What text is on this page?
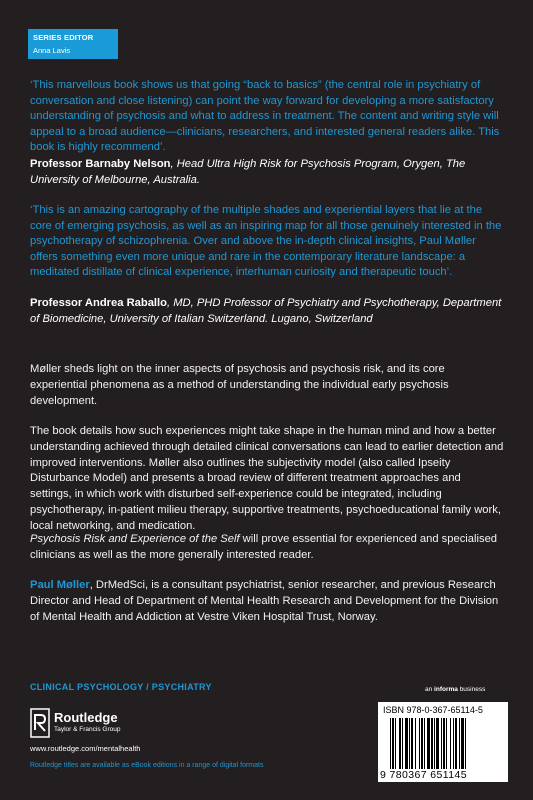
SERIES EDITOR
Anna Lavis
‘This marvellous book shows us that going “back to basics” (the central role in psychiatry of conversation and close listening) can point the way forward for developing a more satisfactory understanding of psychosis and what to address in treatment. The content and writing style will appeal to a broad audience—clinicians, researchers, and interested general readers alike. This book is highly recommend’.
Professor Barnaby Nelson, Head Ultra High Risk for Psychosis Program, Orygen, The University of Melbourne, Australia.
‘This is an amazing cartography of the multiple shades and experiential layers that lie at the core of emerging psychosis, as well as an inspiring map for all those genuinely interested in the psychotherapy of schizophrenia. Over and above the in-depth clinical insights, Paul Møller offers something even more unique and rare in the contemporary literature landscape: a meditated distillate of clinical experience, interhuman curiosity and therapeutic touch’.
Professor Andrea Raballo, MD, PHD Professor of Psychiatry and Psychotherapy, Department of Biomedicine, University of Italian Switzerland. Lugano, Switzerland
Møller sheds light on the inner aspects of psychosis and psychosis risk, and its core experiential phenomena as a method of understanding the individual early psychosis development.
The book details how such experiences might take shape in the human mind and how a better understanding achieved through detailed clinical conversations can lead to earlier detection and improved interventions. Møller also outlines the subjectivity model (also called Ipseity Disturbance Model) and presents a broad review of different treatment approaches and settings, in which work with disturbed self-experience could be integrated, including psychotherapy, in-patient milieu therapy, supportive treatments, psychoeducational family work, local networking, and medication.
Psychosis Risk and Experience of the Self will prove essential for experienced and specialised clinicians as well as the more generally interested reader.
Paul Møller, DrMedSci, is a consultant psychiatrist, senior researcher, and previous Research Director and Head of Department of Mental Health Research and Development for the Division of Mental Health and Addiction at Vestre Viken Hospital Trust, Norway.
CLINICAL PSYCHOLOGY / PSYCHIATRY
Routledge
Taylor & Francis Group
www.routledge.com/mentalhealth
Routledge titles are available as eBook editions in a range of digital formats
an informa business
ISBN 978-0-367-65114-5
9 780367 651145
